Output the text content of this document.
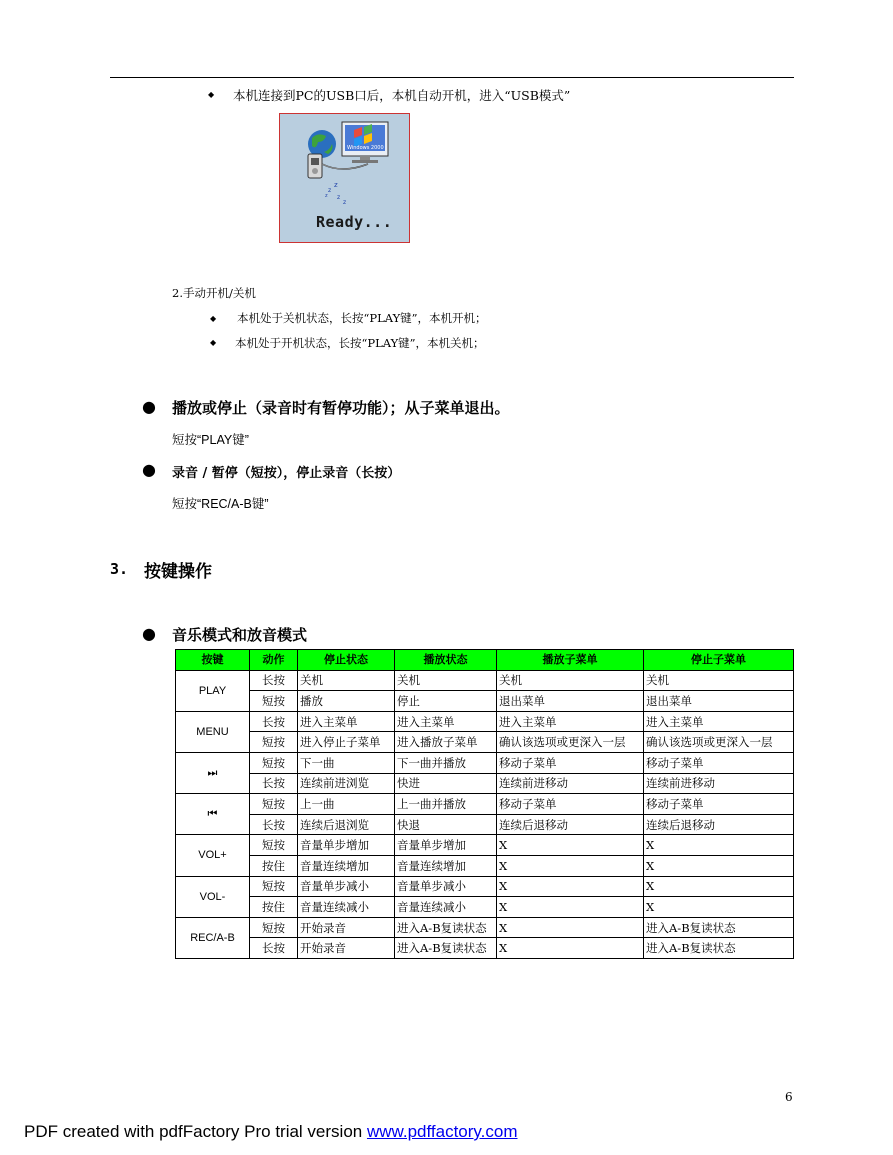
◆ 本机连接到PC的USB口后，本机自动开机，进入“USB模式”
Windows 2000
z
z
z
z
z
Ready...
2.手动开机/关机
◆ 本机处于关机状态，长按“PLAY键”，本机开机；
◆ 本机处于开机状态，长按“PLAY键”，本机关机；
● 播放或停止（录音时有暂停功能）；从子菜单退出。
短按“PLAY键”
● 录音 / 暂停（短按），停止录音（长按）
短按“REC/A-B键”
3. 按键操作
● 音乐模式和放音模式
按键	动作	停止状态	播放状态	播放子菜单	停止子菜单
PLAY	长按	关机	关机	关机	关机
	短按	播放	停止	退出菜单	退出菜单
MENU	长按	进入主菜单	进入主菜单	进入主菜单	进入主菜单
	短按	进入停止子菜单	进入播放子菜单	确认该选项或更深入一层	确认该选项或更深入一层
⏭	短按	下一曲	下一曲并播放	移动子菜单	移动子菜单
	长按	连续前进浏览	快进	连续前进移动	连续前进移动
⏮	短按	上一曲	上一曲并播放	移动子菜单	移动子菜单
	长按	连续后退浏览	快退	连续后退移动	连续后退移动
VOL+	短按	音量单步增加	音量单步增加	X	X
	按住	音量连续增加	音量连续增加	X	X
VOL-	短按	音量单步减小	音量单步减小	X	X
	按住	音量连续减小	音量连续减小	X	X
REC/A-B	短按	开始录音	进入A-B复读状态	X	进入A-B复读状态
	长按	开始录音	进入A-B复读状态	X	进入A-B复读状态
6
PDF created with pdfFactory Pro trial version www.pdffactory.com
